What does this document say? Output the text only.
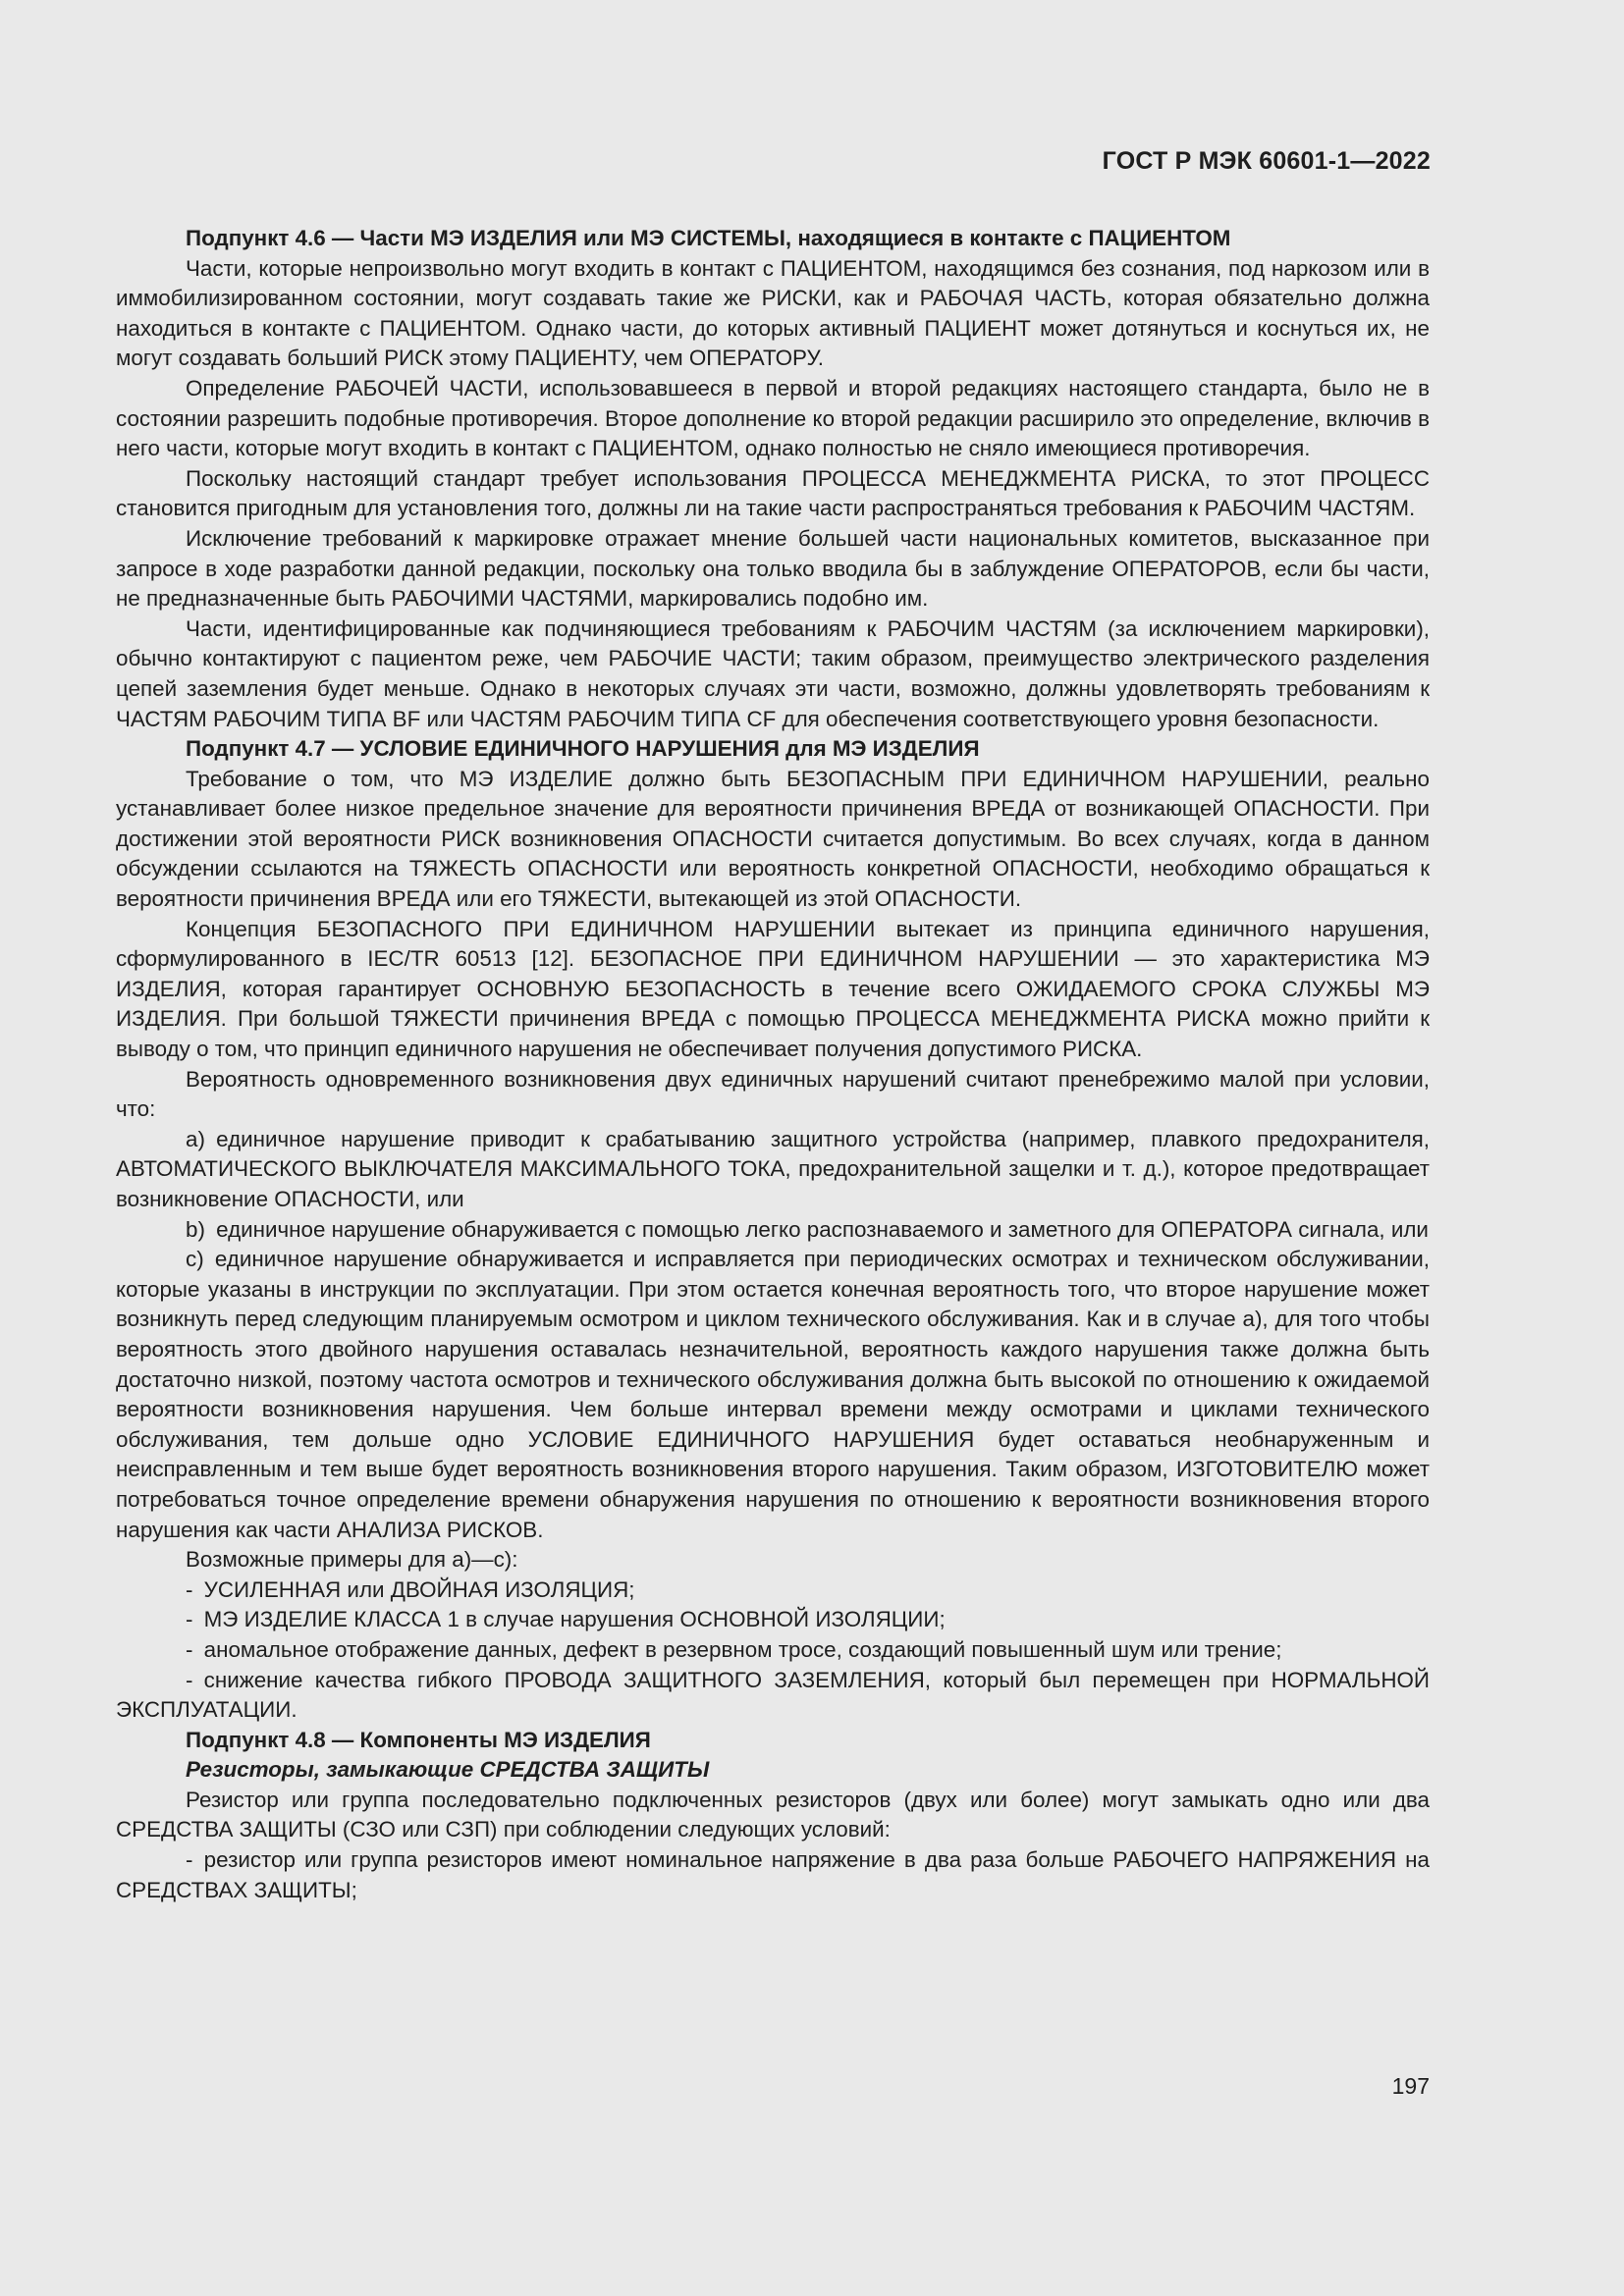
ГОСТ Р МЭК 60601-1—2022

Подпункт 4.6 — Части МЭ ИЗДЕЛИЯ или МЭ СИСТЕМЫ, находящиеся в контакте с ПАЦИЕНТОМ

Части, которые непроизвольно могут входить в контакт с ПАЦИЕНТОМ, находящимся без сознания, под наркозом или в иммобилизированном состоянии, могут создавать такие же РИСКИ, как и РАБОЧАЯ ЧАСТЬ, которая обязательно должна находиться в контакте с ПАЦИЕНТОМ. Однако части, до которых активный ПАЦИЕНТ может дотянуться и коснуться их, не могут создавать больший РИСК этому ПАЦИЕНТУ, чем ОПЕРАТОРУ.

Определение РАБОЧЕЙ ЧАСТИ, использовавшееся в первой и второй редакциях настоящего стандарта, было не в состоянии разрешить подобные противоречия. Второе дополнение ко второй редакции расширило это определение, включив в него части, которые могут входить в контакт с ПАЦИЕНТОМ, однако полностью не сняло имеющиеся противоречия.

Поскольку настоящий стандарт требует использования ПРОЦЕССА МЕНЕДЖМЕНТА РИСКА, то этот ПРОЦЕСС становится пригодным для установления того, должны ли на такие части распространяться требования к РАБОЧИМ ЧАСТЯМ.

Исключение требований к маркировке отражает мнение большей части национальных комитетов, высказанное при запросе в ходе разработки данной редакции, поскольку она только вводила бы в заблуждение ОПЕРАТОРОВ, если бы части, не предназначенные быть РАБОЧИМИ ЧАСТЯМИ, маркировались подобно им.

Части, идентифицированные как подчиняющиеся требованиям к РАБОЧИМ ЧАСТЯМ (за исключением маркировки), обычно контактируют с пациентом реже, чем РАБОЧИЕ ЧАСТИ; таким образом, преимущество электрического разделения цепей заземления будет меньше. Однако в некоторых случаях эти части, возможно, должны удовлетворять требованиям к ЧАСТЯМ РАБОЧИМ ТИПА BF или ЧАСТЯМ РАБОЧИМ ТИПА CF для обеспечения соответствующего уровня безопасности.

Подпункт 4.7 — УСЛОВИЕ ЕДИНИЧНОГО НАРУШЕНИЯ для МЭ ИЗДЕЛИЯ

Требование о том, что МЭ ИЗДЕЛИЕ должно быть БЕЗОПАСНЫМ ПРИ ЕДИНИЧНОМ НАРУШЕНИИ, реально устанавливает более низкое предельное значение для вероятности причинения ВРЕДА от возникающей ОПАСНОСТИ. При достижении этой вероятности РИСК возникновения ОПАСНОСТИ считается допустимым. Во всех случаях, когда в данном обсуждении ссылаются на ТЯЖЕСТЬ ОПАСНОСТИ или вероятность конкретной ОПАСНОСТИ, необходимо обращаться к вероятности причинения ВРЕДА или его ТЯЖЕСТИ, вытекающей из этой ОПАСНОСТИ.

Концепция БЕЗОПАСНОГО ПРИ ЕДИНИЧНОМ НАРУШЕНИИ вытекает из принципа единичного нарушения, сформулированного в IEC/TR 60513 [12]. БЕЗОПАСНОЕ ПРИ ЕДИНИЧНОМ НАРУШЕНИИ — это характеристика МЭ ИЗДЕЛИЯ, которая гарантирует ОСНОВНУЮ БЕЗОПАСНОСТЬ в течение всего ОЖИДАЕМОГО СРОКА СЛУЖБЫ МЭ ИЗДЕЛИЯ. При большой ТЯЖЕСТИ причинения ВРЕДА с помощью ПРОЦЕССА МЕНЕДЖМЕНТА РИСКА можно прийти к выводу о том, что принцип единичного нарушения не обеспечивает получения допустимого РИСКА.

Вероятность одновременного возникновения двух единичных нарушений считают пренебрежимо малой при условии, что:

a) единичное нарушение приводит к срабатыванию защитного устройства (например, плавкого предохранителя, АВТОМАТИЧЕСКОГО ВЫКЛЮЧАТЕЛЯ МАКСИМАЛЬНОГО ТОКА, предохранительной защелки и т. д.), которое предотвращает возникновение ОПАСНОСТИ, или

b) единичное нарушение обнаруживается с помощью легко распознаваемого и заметного для ОПЕРАТОРА сигнала, или

c) единичное нарушение обнаруживается и исправляется при периодических осмотрах и техническом обслуживании, которые указаны в инструкции по эксплуатации. При этом остается конечная вероятность того, что второе нарушение может возникнуть перед следующим планируемым осмотром и циклом технического обслуживания. Как и в случае a), для того чтобы вероятность этого двойного нарушения оставалась незначительной, вероятность каждого нарушения также должна быть достаточно низкой, поэтому частота осмотров и технического обслуживания должна быть высокой по отношению к ожидаемой вероятности возникновения нарушения. Чем больше интервал времени между осмотрами и циклами технического обслуживания, тем дольше одно УСЛОВИЕ ЕДИНИЧНОГО НАРУШЕНИЯ будет оставаться необнаруженным и неисправленным и тем выше будет вероятность возникновения второго нарушения. Таким образом, ИЗГОТОВИТЕЛЮ может потребоваться точное определение времени обнаружения нарушения по отношению к вероятности возникновения второго нарушения как части АНАЛИЗА РИСКОВ.

Возможные примеры для a)—c):

- УСИЛЕННАЯ или ДВОЙНАЯ ИЗОЛЯЦИЯ;

- МЭ ИЗДЕЛИЕ КЛАССА 1 в случае нарушения ОСНОВНОЙ ИЗОЛЯЦИИ;

- аномальное отображение данных, дефект в резервном тросе, создающий повышенный шум или трение;

- снижение качества гибкого ПРОВОДА ЗАЩИТНОГО ЗАЗЕМЛЕНИЯ, который был перемещен при НОРМАЛЬНОЙ ЭКСПЛУАТАЦИИ.

Подпункт 4.8 — Компоненты МЭ ИЗДЕЛИЯ

Резисторы, замыкающие СРЕДСТВА ЗАЩИТЫ

Резистор или группа последовательно подключенных резисторов (двух или более) могут замыкать одно или два СРЕДСТВА ЗАЩИТЫ (СЗО или СЗП) при соблюдении следующих условий:

- резистор или группа резисторов имеют номинальное напряжение в два раза больше РАБОЧЕГО НАПРЯЖЕНИЯ на СРЕДСТВАХ ЗАЩИТЫ;

197
